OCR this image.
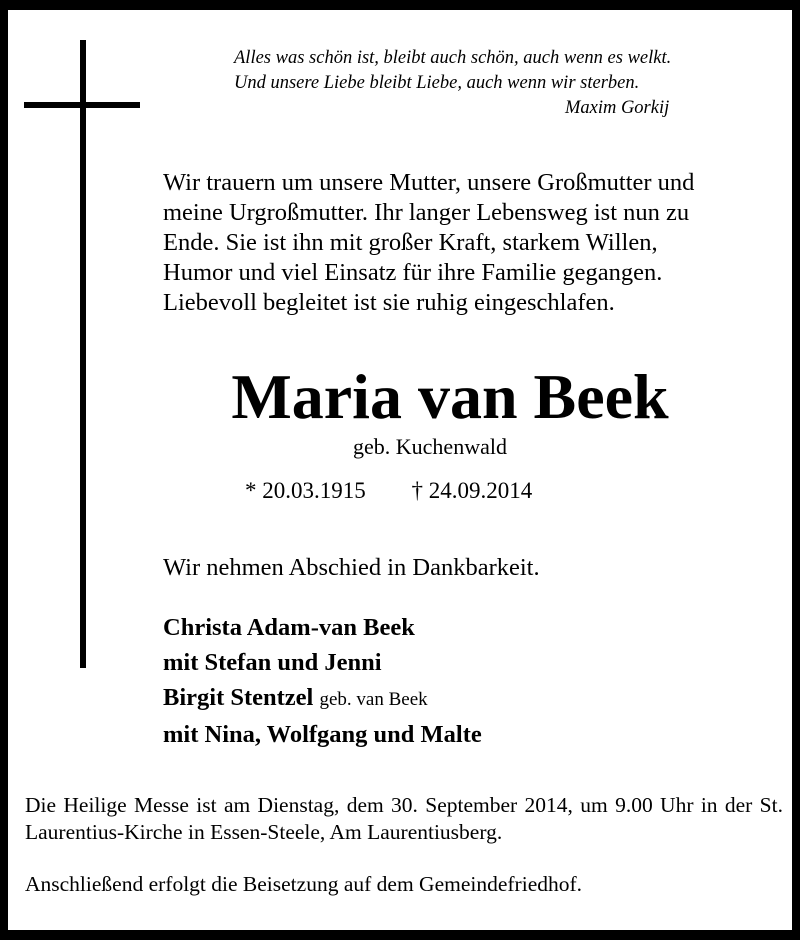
Alles was schön ist, bleibt auch schön, auch wenn es welkt.
Und unsere Liebe bleibt Liebe, auch wenn wir sterben.
Maxim Gorkij
Wir trauern um unsere Mutter, unsere Großmutter und
meine Urgroßmutter. Ihr langer Lebensweg ist nun zu
Ende. Sie ist ihn mit großer Kraft, starkem Willen,
Humor und viel Einsatz für ihre Familie gegangen.
Liebevoll begleitet ist sie ruhig eingeschlafen.
Maria van Beek
geb. Kuchenwald
* 20.03.1915 † 24.09.2014
Wir nehmen Abschied in Dankbarkeit.
Christa Adam-van Beek
mit Stefan und Jenni
Birgit Stentzel geb. van Beek
mit Nina, Wolfgang und Malte
Die Heilige Messe ist am Dienstag, dem 30. September 2014, um 9.00 Uhr in der St. Laurentius-Kirche in Essen-Steele, Am Laurentiusberg.
Anschließend erfolgt die Beisetzung auf dem Gemeindefriedhof.
